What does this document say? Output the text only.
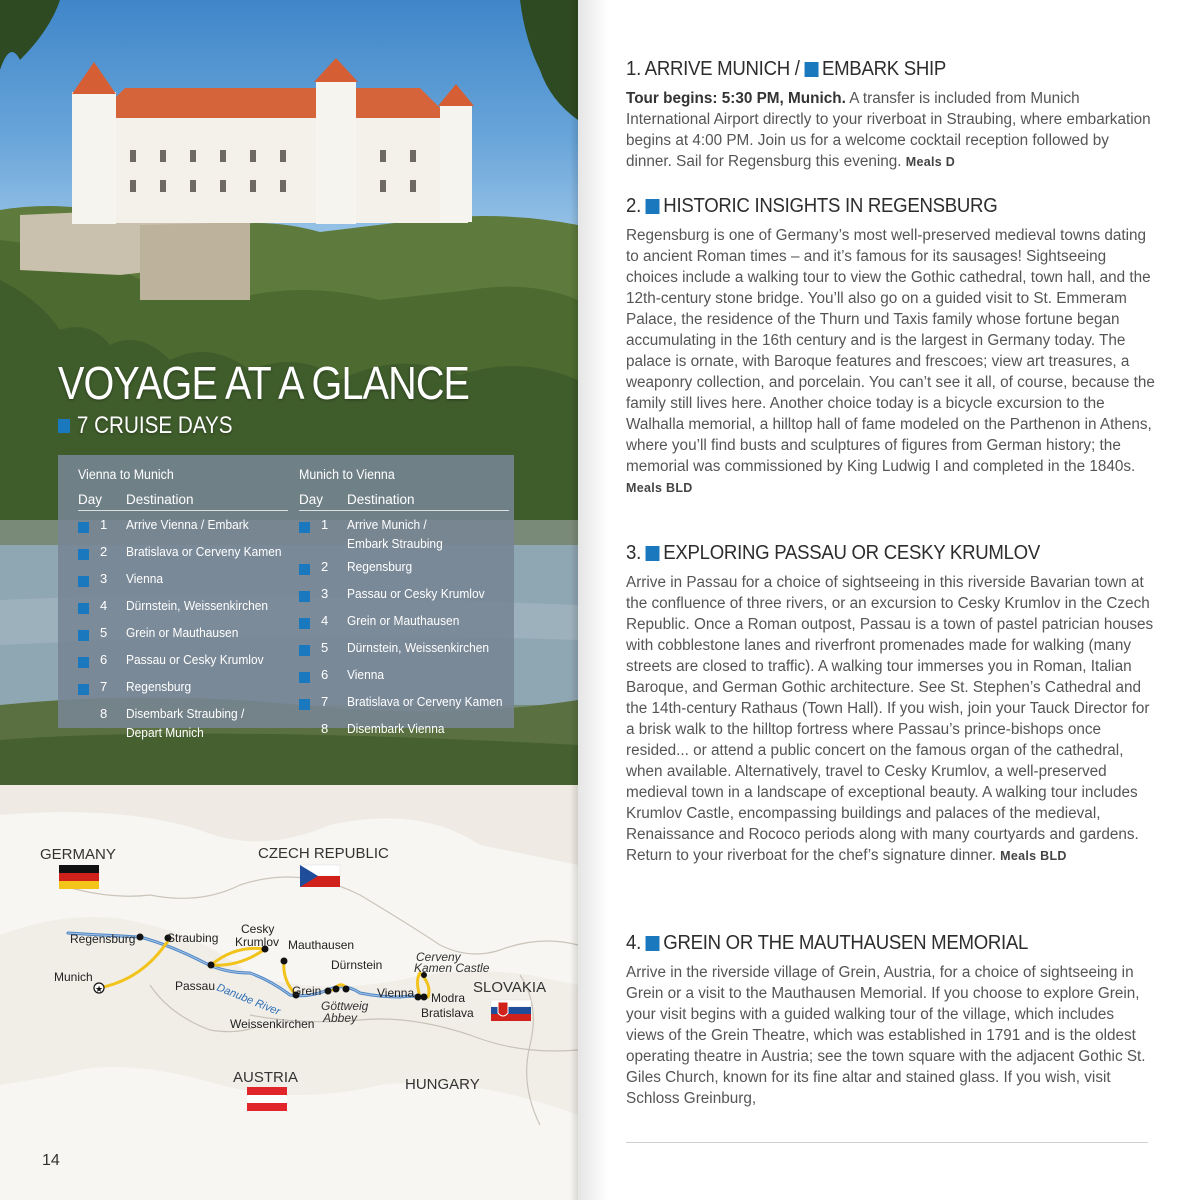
VOYAGE AT A GLANCE
7 CRUISE DAYS
Vienna to Munich
Day	Destination
1	Arrive Vienna / Embark
2	Bratislava or Cerveny Kamen
3	Vienna
4	Dürnstein, Weissenkirchen
5	Grein or Mauthausen
6	Passau or Cesky Krumlov
7	Regensburg
8	Disembark Straubing /
Depart Munich
Munich to Vienna
Day	Destination
1	Arrive Munich /
Embark Straubing
2	Regensburg
3	Passau or Cesky Krumlov
4	Grein or Mauthausen
5	Dürnstein, Weissenkirchen
6	Vienna
7	Bratislava or Cerveny Kamen
8	Disembark Vienna
GERMANY	CZECH REPUBLIC
AUSTRIA
SLOVAKIA
HUNGARY
★
Regensburg	Straubing
Cesky
Krumlov Mauthausen
Munich
Passau
Dürnstein
Grein	Vienna Modra
Bratislava
Weissenkirchen
Cerveny
Kamen Castle
Göttweig
Abbey
Danube River
14
1. ARRIVE MUNICH / EMBARK SHIP
Tour begins: 5:30 PM, Munich. A transfer is included from Munich International Airport directly to your riverboat in Straubing, where embarkation begins at 4:00 PM. Join us for a welcome cocktail reception followed by dinner. Sail for Regensburg this evening. Meals D
2. HISTORIC INSIGHTS IN REGENSBURG
Regensburg is one of Germany’s most well-preserved medieval towns dating to ancient Roman times – and it’s famous for its sausages! Sightseeing choices include a walking tour to view the Gothic cathedral, town hall, and the 12th-century stone bridge. You’ll also go on a guided visit to St. Emmeram Palace, the residence of the Thurn und Taxis family whose fortune began accumulating in the 16th century and is the largest in Germany today. The palace is ornate, with Baroque features and frescoes; view art treasures, a weaponry collection, and porcelain. You can’t see it all, of course, because the family still lives here. Another choice today is a bicycle excursion to the Walhalla memorial, a hilltop hall of fame modeled on the Parthenon in Athens, where you’ll find busts and sculptures of figures from German history; the memorial was commissioned by King Ludwig I and completed in the 1840s. Meals BLD
3. EXPLORING PASSAU OR CESKY KRUMLOV
Arrive in Passau for a choice of sightseeing in this riverside Bavarian town at the confluence of three rivers, or an excursion to Cesky Krumlov in the Czech Republic. Once a Roman outpost, Passau is a town of pastel patrician houses with cobblestone lanes and riverfront promenades made for walking (many streets are closed to traffic). A walking tour immerses you in Roman, Italian Baroque, and German Gothic architecture. See St. Stephen’s Cathedral and the 14th-century Rathaus (Town Hall). If you wish, join your Tauck Director for a brisk walk to the hilltop fortress where Passau’s prince-bishops once resided... or attend a public concert on the famous organ of the cathedral, when available. Alternatively, travel to Cesky Krumlov, a well-preserved medieval town in a landscape of exceptional beauty. A walking tour includes Krumlov Castle, encompassing buildings and palaces of the medieval, Renaissance and Rococo periods along with many courtyards and gardens. Return to your riverboat for the chef’s signature dinner. Meals BLD
4. GREIN OR THE MAUTHAUSEN MEMORIAL
Arrive in the riverside village of Grein, Austria, for a choice of sightseeing in Grein or a visit to the Mauthausen Memorial. If you choose to explore Grein, your visit begins with a guided walking tour of the village, which includes views of the Grein Theatre, which was established in 1791 and is the oldest operating theatre in Austria; see the town square with the adjacent Gothic St. Giles Church, known for its fine altar and stained glass. If you wish, visit Schloss Greinburg,
